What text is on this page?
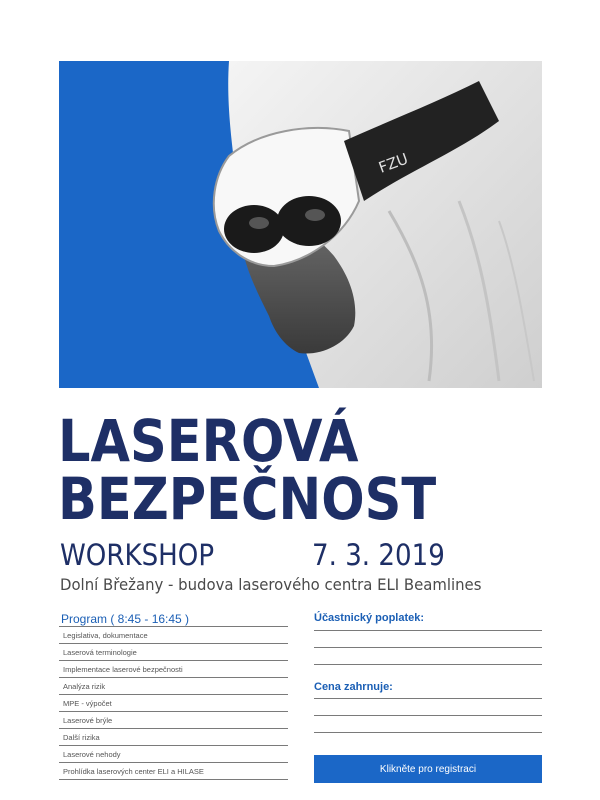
FZU
LASEROVÁ
BEZPEČNOST
WORKSHOP	7. 3. 2019
Dolní Břežany - budova laserového centra ELI Beamlines
Program ( 8:45 - 16:45 )
Legislativa, dokumentace
Laserová terminologie
Implementace laserové bezpečnosti
Analýza rizik
MPE - výpočet
Laserové brýle
Další rizika
Laserové nehody
Prohlídka laserových center ELI a HILASE
Účastnický poplatek:
Cena zahrnuje:
Klikněte pro registraci
